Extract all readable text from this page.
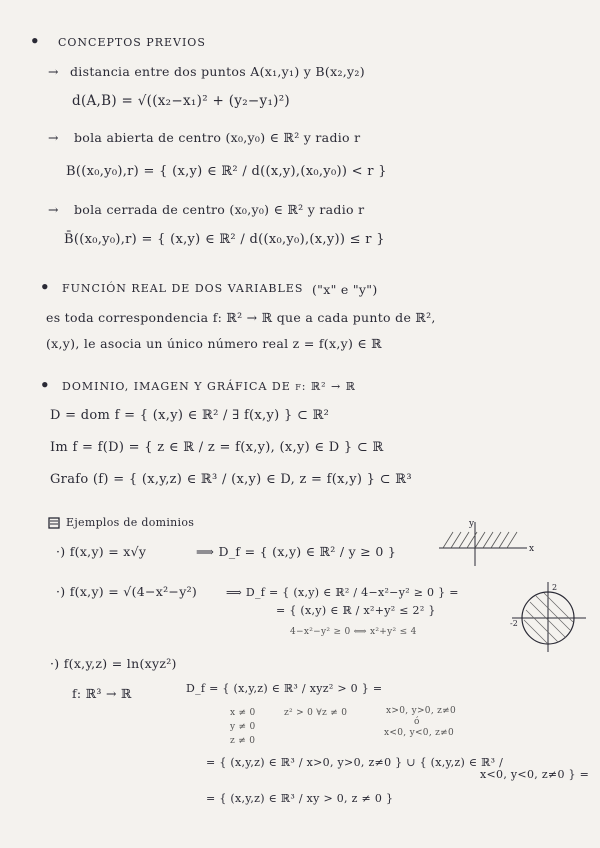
• CONCEPTOS PREVIOS
→ distancia entre dos puntos A(x₁,y₁) y B(x₂,y₂)
d(A,B) = √((x₂−x₁)² + (y₂−y₁)²)
→ bola abierta de centro (x₀,y₀) ∈ ℝ² y radio r
B((x₀,y₀),r) = { (x,y) ∈ ℝ² / d((x,y),(x₀,y₀)) < r }
→ bola cerrada de centro (x₀,y₀) ∈ ℝ² y radio r
B̄((x₀,y₀),r) = { (x,y) ∈ ℝ² / d((x₀,y₀),(x,y)) ≤ r }
• FUNCIÓN REAL DE DOS VARIABLES ("x" e "y")
es toda correspondencia f: ℝ² → ℝ que a cada punto de ℝ²,
(x,y), le asocia un único número real z = f(x,y) ∈ ℝ
• DOMINIO, IMAGEN Y GRÁFICA DE f: ℝ² → ℝ
D = dom f = { (x,y) ∈ ℝ² / ∃ f(x,y) } ⊂ ℝ²
Im f = f(D) = { z ∈ ℝ / z = f(x,y), (x,y) ∈ D } ⊂ ℝ
Grafo (f) = { (x,y,z) ∈ ℝ³ / (x,y) ∈ D, z = f(x,y) } ⊂ ℝ³
Ejemplos de dominios
·) f(x,y) = x√y	⟹ D_f = { (x,y) ∈ ℝ² / y ≥ 0 }	x
y
·) f(x,y) = √(4−x²−y²)	⟹ D_f = { (x,y) ∈ ℝ² / 4−x²−y² ≥ 0 } =
= { (x,y) ∈ ℝ / x²+y² ≤ 2² }
4−x²−y² ≥ 0 ⟺ x²+y² ≤ 4
2
-2
·) f(x,y,z) = ln(xyz²)
f: ℝ³ → ℝ	D_f = { (x,y,z) ∈ ℝ³ / xyz² > 0 } =
x ≠ 0
y ≠ 0
z ≠ 0
z² > 0 ∀z ≠ 0	x>0, y>0, z≠0
ó
x<0, y<0, z≠0
= { (x,y,z) ∈ ℝ³ / x>0, y>0, z≠0 } ∪ { (x,y,z) ∈ ℝ³ /
x<0, y<0, z≠0 } =
= { (x,y,z) ∈ ℝ³ / xy > 0, z ≠ 0 }
